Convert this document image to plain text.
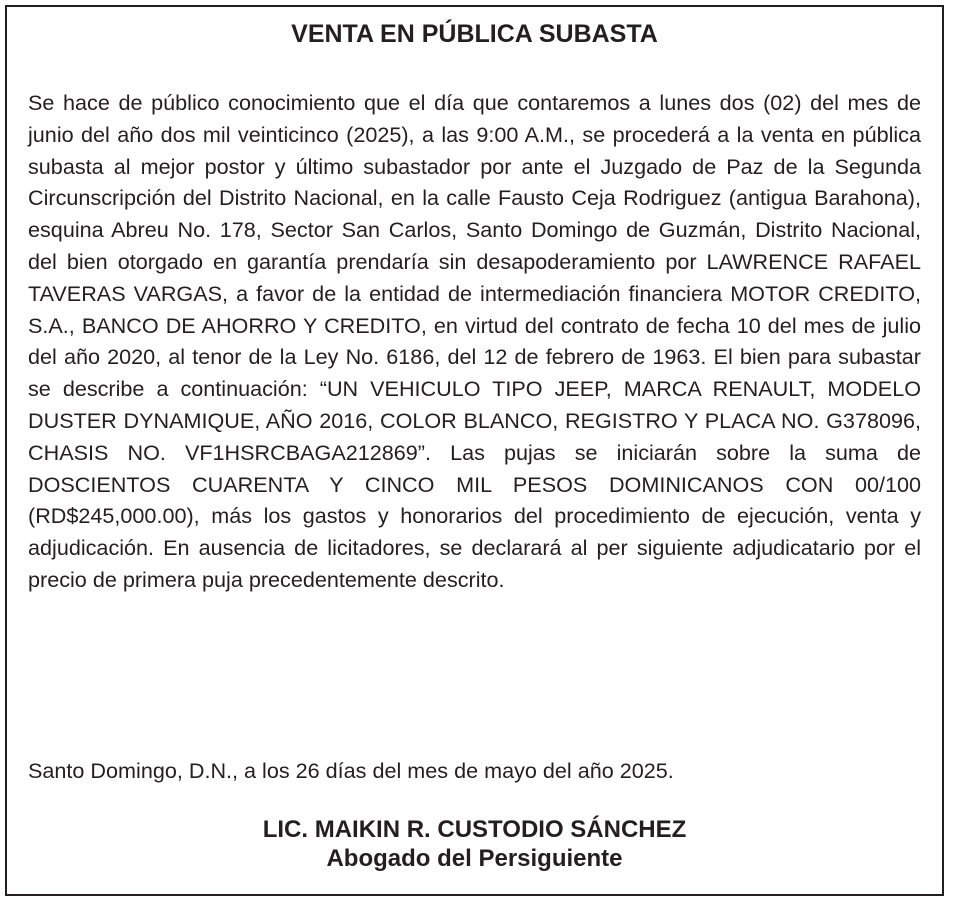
VENTA EN PÚBLICA SUBASTA

Se hace de público conocimiento que el día que contaremos a lunes dos (02) del mes de junio del año dos mil veinticinco (2025), a las 9:00 A.M., se procederá a la venta en pública subasta al mejor postor y último subastador por ante el Juzgado de Paz de la Segunda Circunscripción del Distrito Nacional, en la calle Fausto Ceja Rodriguez (antigua Barahona), esquina Abreu No. 178, Sector San Carlos, Santo Domingo de Guzmán, Distrito Nacional, del bien otorgado en garantía prendaría sin desapoderamiento por LAWRENCE RAFAEL TAVERAS VARGAS, a favor de la entidad de intermediación financiera MOTOR CREDITO, S.A., BANCO DE AHORRO Y CREDITO, en virtud del contrato de fecha 10 del mes de julio del año 2020, al tenor de la Ley No. 6186, del 12 de febrero de 1963. El bien para subastar se describe a continuación: “UN VEHICULO TIPO JEEP, MARCA RENAULT, MODELO DUSTER DYNAMIQUE, AÑO 2016, COLOR BLANCO, REGISTRO Y PLACA NO. G378096, CHASIS NO. VF1HSRCBAGA212869”. Las pujas se iniciarán sobre la suma de DOSCIENTOS CUARENTA Y CINCO MIL PESOS DOMINICANOS CON 00/100 (RD$245,000.00), más los gastos y honorarios del procedimiento de ejecución, venta y adjudicación. En ausencia de licitadores, se declarará al per siguiente adjudicatario por el precio de primera puja precedentemente descrito.

Santo Domingo, D.N., a los 26 días del mes de mayo del año 2025.

LIC. MAIKIN R. CUSTODIO SÁNCHEZ
Abogado del Persiguiente
